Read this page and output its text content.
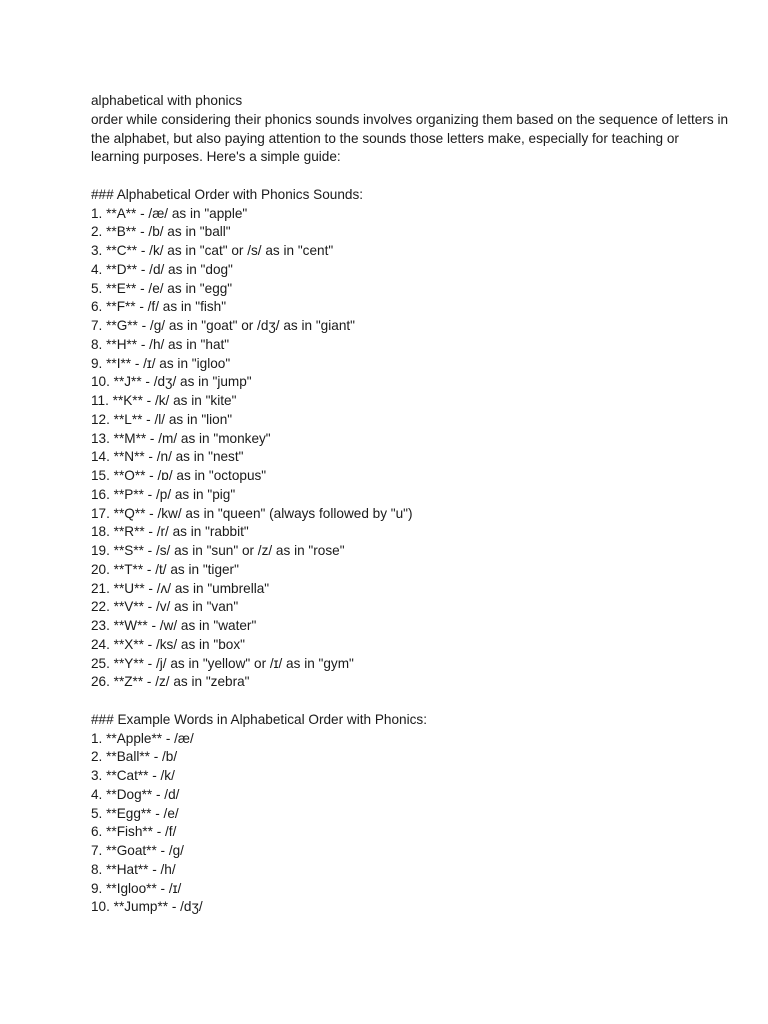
alphabetical with phonics

order while considering their phonics sounds involves organizing them based on the sequence of letters in the alphabet, but also paying attention to the sounds those letters make, especially for teaching or learning purposes. Here's a simple guide:

### Alphabetical Order with Phonics Sounds:

1. **A** - /æ/ as in "apple"

2. **B** - /b/ as in "ball"

3. **C** - /k/ as in "cat" or /s/ as in "cent"

4. **D** - /d/ as in "dog"

5. **E** - /e/ as in "egg"

6. **F** - /f/ as in "fish"

7. **G** - /g/ as in "goat" or /dʒ/ as in "giant"

8. **H** - /h/ as in "hat"

9. **I** - /ɪ/ as in "igloo"

10. **J** - /dʒ/ as in "jump"

11. **K** - /k/ as in "kite"

12. **L** - /l/ as in "lion"

13. **M** - /m/ as in "monkey"

14. **N** - /n/ as in "nest"

15. **O** - /ɒ/ as in "octopus"

16. **P** - /p/ as in "pig"

17. **Q** - /kw/ as in "queen" (always followed by "u")

18. **R** - /r/ as in "rabbit"

19. **S** - /s/ as in "sun" or /z/ as in "rose"

20. **T** - /t/ as in "tiger"

21. **U** - /ʌ/ as in "umbrella"

22. **V** - /v/ as in "van"

23. **W** - /w/ as in "water"

24. **X** - /ks/ as in "box"

25. **Y** - /j/ as in "yellow" or /ɪ/ as in "gym"

26. **Z** - /z/ as in "zebra"

### Example Words in Alphabetical Order with Phonics:

1. **Apple** - /æ/

2. **Ball** - /b/

3. **Cat** - /k/

4. **Dog** - /d/

5. **Egg** - /e/

6. **Fish** - /f/

7. **Goat** - /g/

8. **Hat** - /h/

9. **Igloo** - /ɪ/

10. **Jump** - /dʒ/
